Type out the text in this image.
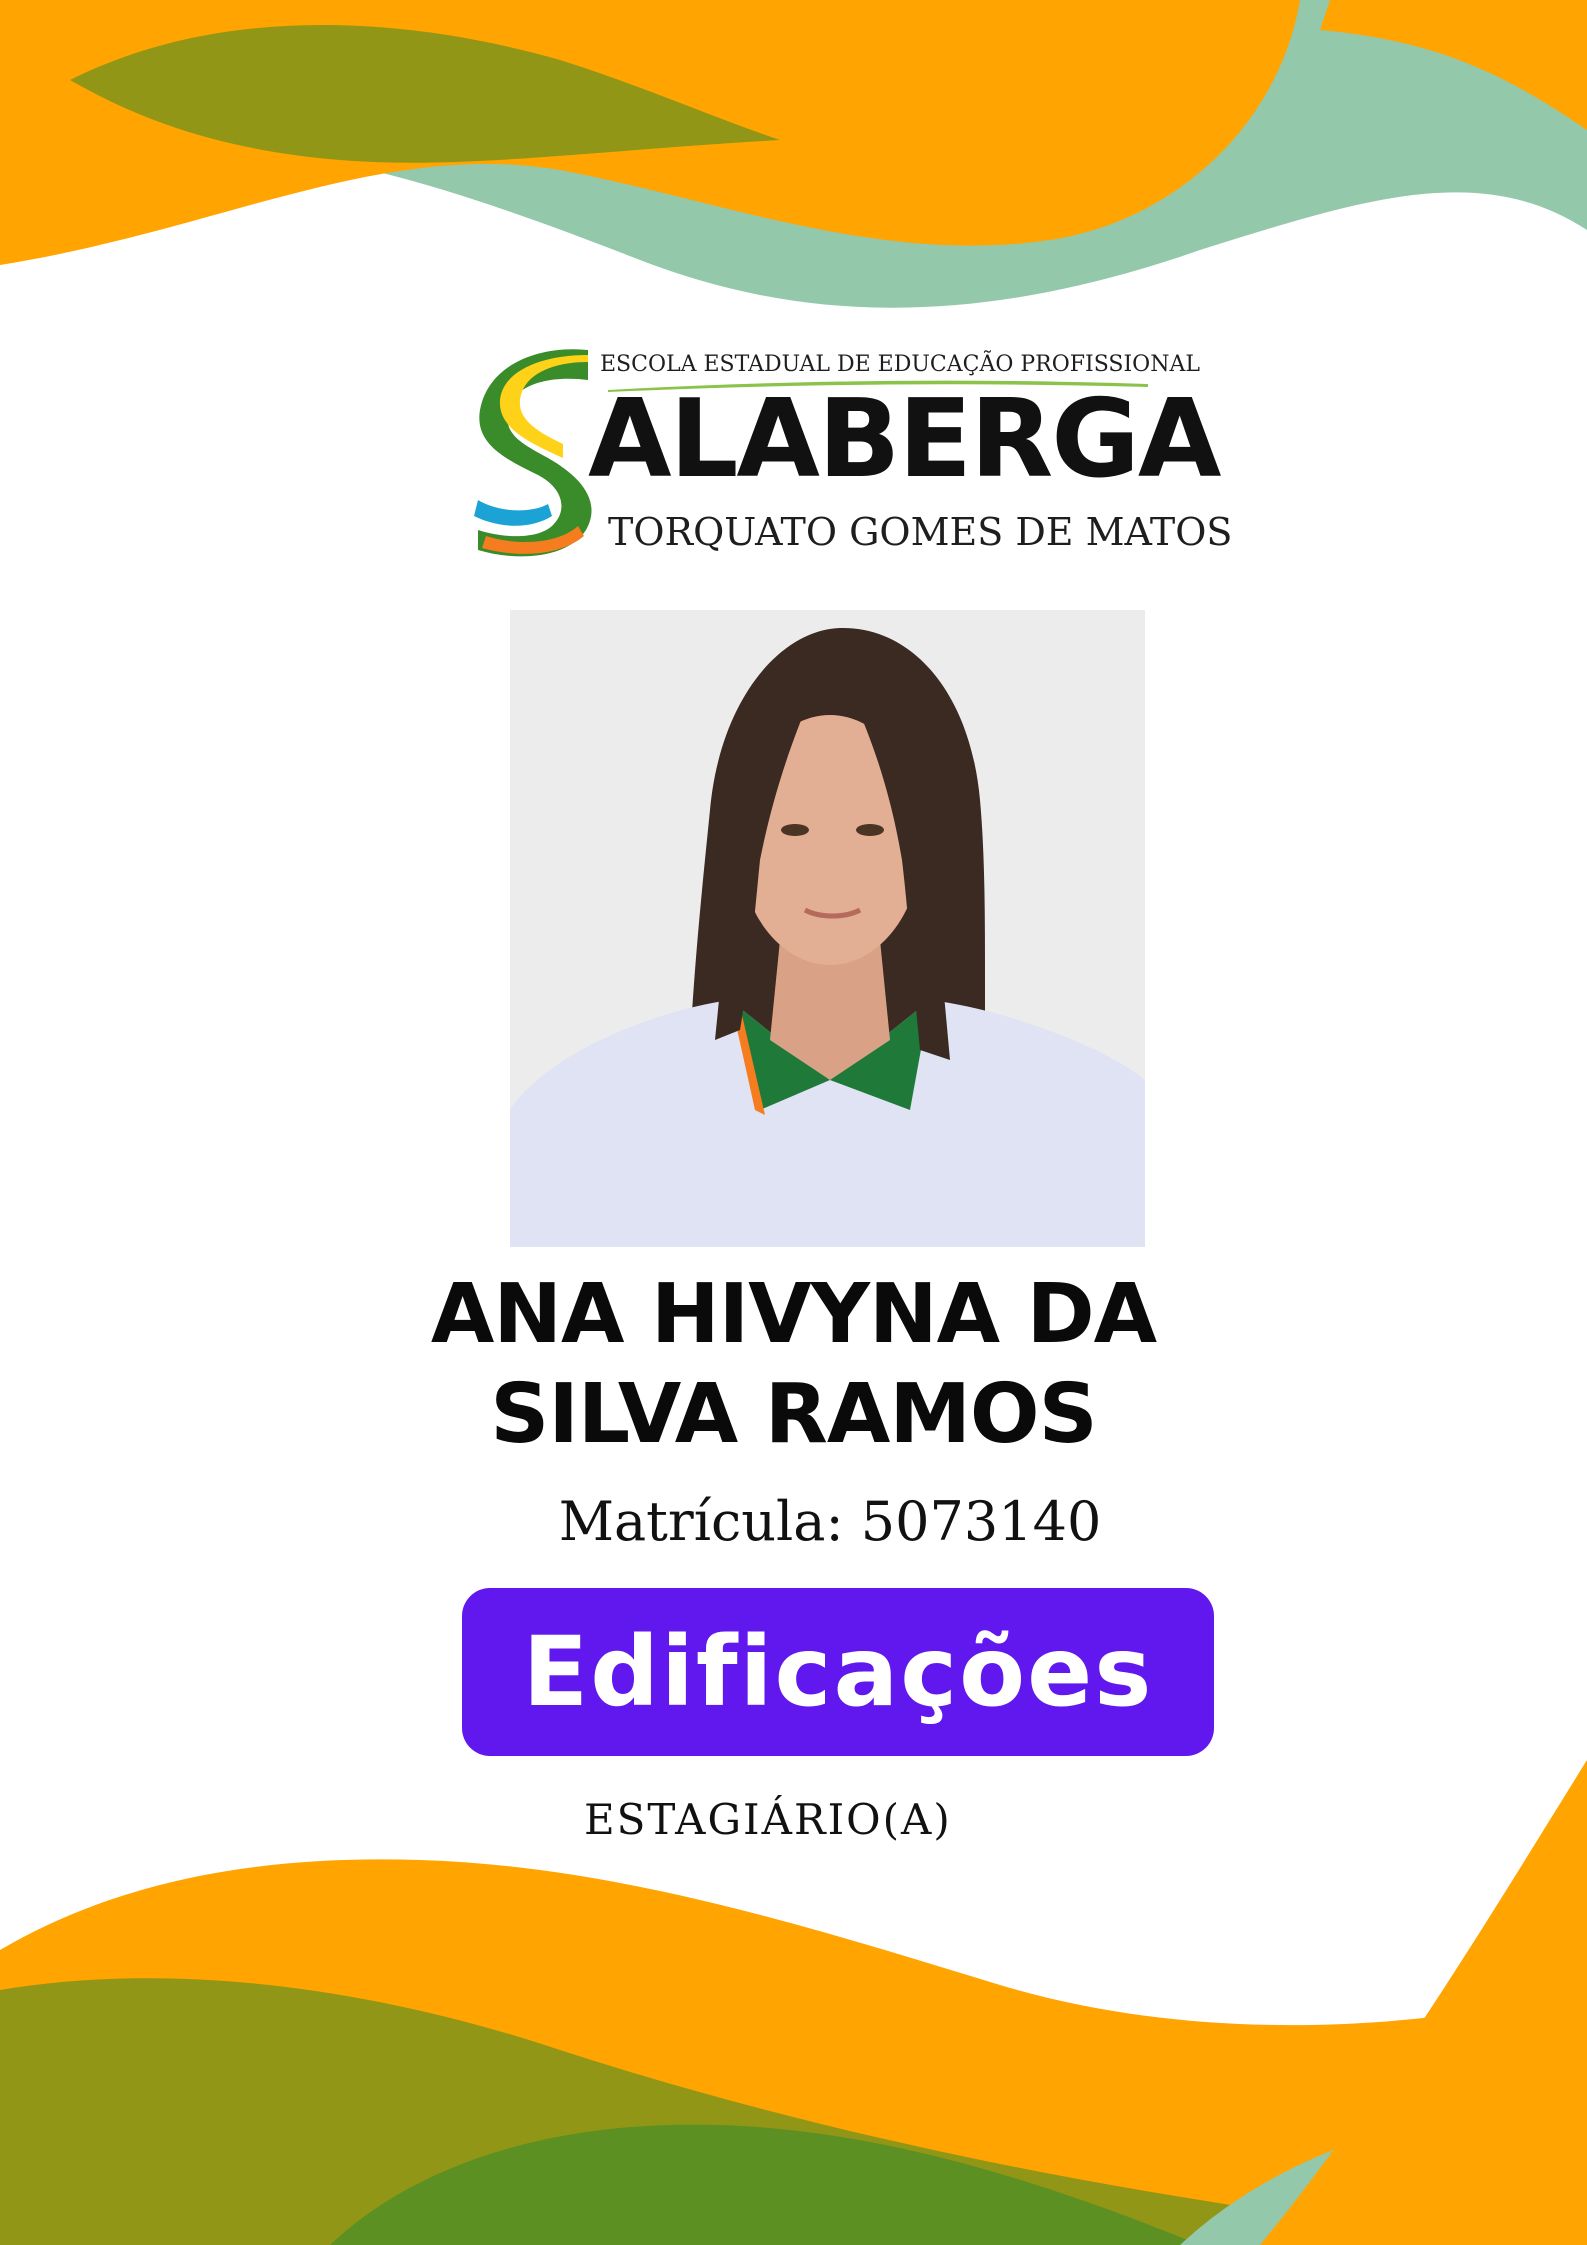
ESCOLA ESTADUAL DE EDUCAÇÃO PROFISSIONAL
ALABERGA
TORQUATO GOMES DE MATOS
ANA HIVYNA DA
SILVA RAMOS
Matrícula: 5073140
Edificações
ESTAGIÁRIO(A)
